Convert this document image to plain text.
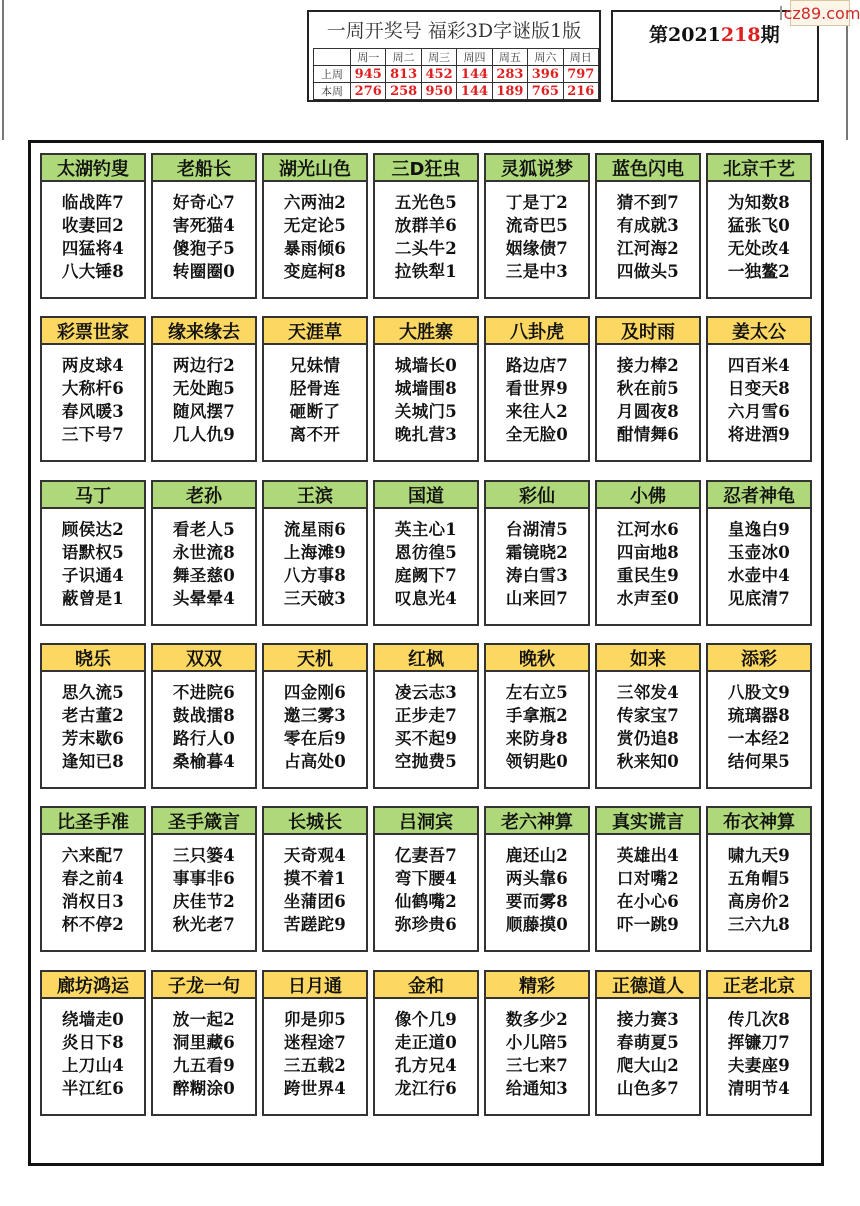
一周开奖号 福彩3D字谜版1版
	周一	周二	周三	周四	周五	周六	周日
上周	945	813	452	144	283	396	797
本周	276	258	950	144	189	765	216
第2021218期
cz89.com
太湖钓叟
临战阵7
收妻回2
四猛将4
八大锤8
老船长
好奇心7
害死猫4
傻狍子5
转圈圈0
湖光山色
六两油2
无定论5
暴雨倾6
变庭柯8
三D狂虫
五光色5
放群羊6
二头牛2
拉铁犁1
灵狐说梦
丁是丁2
流奇巴5
姻缘债7
三是中3
蓝色闪电
猜不到7
有成就3
江河海2
四做头5
北京千艺
为知数8
猛张飞0
无处改4
一独鳌2
彩票世家
两皮球4
大称杆6
春风暖3
三下号7
缘来缘去
两边行2
无处跑5
随风摆7
几人仇9
天涯草
兄妹情
胫骨连
砸断了
离不开
大胜寨
城墙长0
城墙围8
关城门5
晚扎营3
八卦虎
路边店7
看世界9
来往人2
全无脸0
及时雨
接力棒2
秋在前5
月圆夜8
酣情舞6
姜太公
四百米4
日变天8
六月雪6
将进酒9
马丁
顾侯达2
语默权5
子识通4
蔽曾是1
老孙
看老人5
永世流8
舞圣慈0
头晕晕4
王滨
流星雨6
上海滩9
八方事8
三天破3
国道
英主心1
恩彷徨5
庭阙下7
叹息光4
彩仙
台湖清5
霜镜晓2
涛白雪3
山来回7
小佛
江河水6
四亩地8
重民生9
水声至0
忍者神龟
皇逸白9
玉壶冰0
水壶中4
见底清7
晓乐
思久流5
老古董2
芳末歇6
逢知已8
双双
不进院6
鼓战擂8
路行人0
桑榆暮4
天机
四金刚6
邀三雾3
零在后9
占高处0
红枫
凌云志3
正步走7
买不起9
空抛费5
晚秋
左右立5
手拿瓶2
来防身8
领钥匙0
如来
三邻发4
传家宝7
赏仍追8
秋来知0
添彩
八股文9
琉璃器8
一本经2
结何果5
比圣手准
六来配7
春之前4
消权日3
杯不停2
圣手箴言
三只篓4
事事非6
庆佳节2
秋光老7
长城长
天奇观4
摸不着1
坐蒲团6
苦蹉跎9
吕洞宾
亿妻吾7
弯下腰4
仙鹤嘴2
弥珍贵6
老六神算
鹿还山2
两头靠6
要而雾8
顺藤摸0
真实谎言
英雄出4
口对嘴2
在小心6
吓一跳9
布衣神算
啸九天9
五角帽5
高房价2
三六九8
廊坊鸿运
绕墙走0
炎日下8
上刀山4
半江红6
子龙一句
放一起2
洞里藏6
九五看9
醉糊涂0
日月通
卯是卯5
迷程途7
三五载2
跨世界4
金和
像个几9
走正道0
孔方兄4
龙江行6
精彩
数多少2
小儿陪5
三七来7
给通知3
正德道人
接力赛3
春萌夏5
爬大山2
山色多7
正老北京
传几次8
挥镰刀7
夫妻座9
清明节4
